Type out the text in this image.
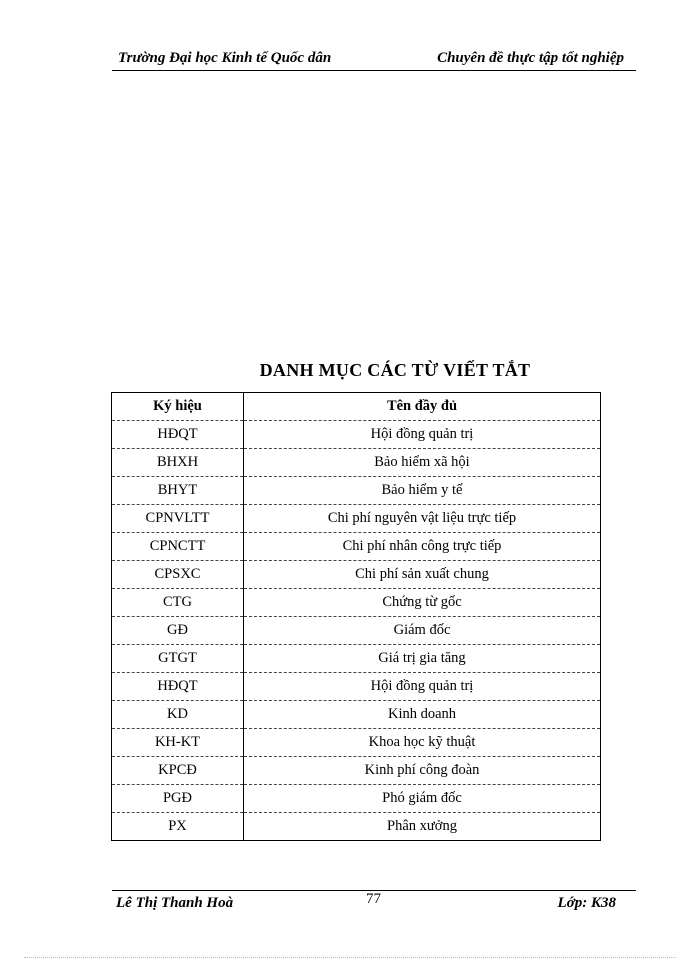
Trường Đại học Kinh tế Quốc dân	Chuyên đề thực tập tốt nghiệp
DANH MỤC CÁC TỪ VIẾT TẮT
Ký hiệu	Tên đầy đủ
HĐQT	Hội đồng quản trị
BHXH	Bảo hiểm xã hội
BHYT	Bảo hiểm y tế
CPNVLTT	Chi phí nguyên vật liệu trực tiếp
CPNCTT	Chi phí nhân công trực tiếp
CPSXC	Chi phí sản xuất chung
CTG	Chứng từ gốc
GĐ	Giám đốc
GTGT	Giá trị gia tăng
HĐQT	Hội đồng quản trị
KD	Kinh doanh
KH-KT	Khoa học kỹ thuật
KPCĐ	Kinh phí công đoàn
PGĐ	Phó giám đốc
PX	Phân xưởng
Lê Thị Thanh Hoà	77	Lớp: K38
